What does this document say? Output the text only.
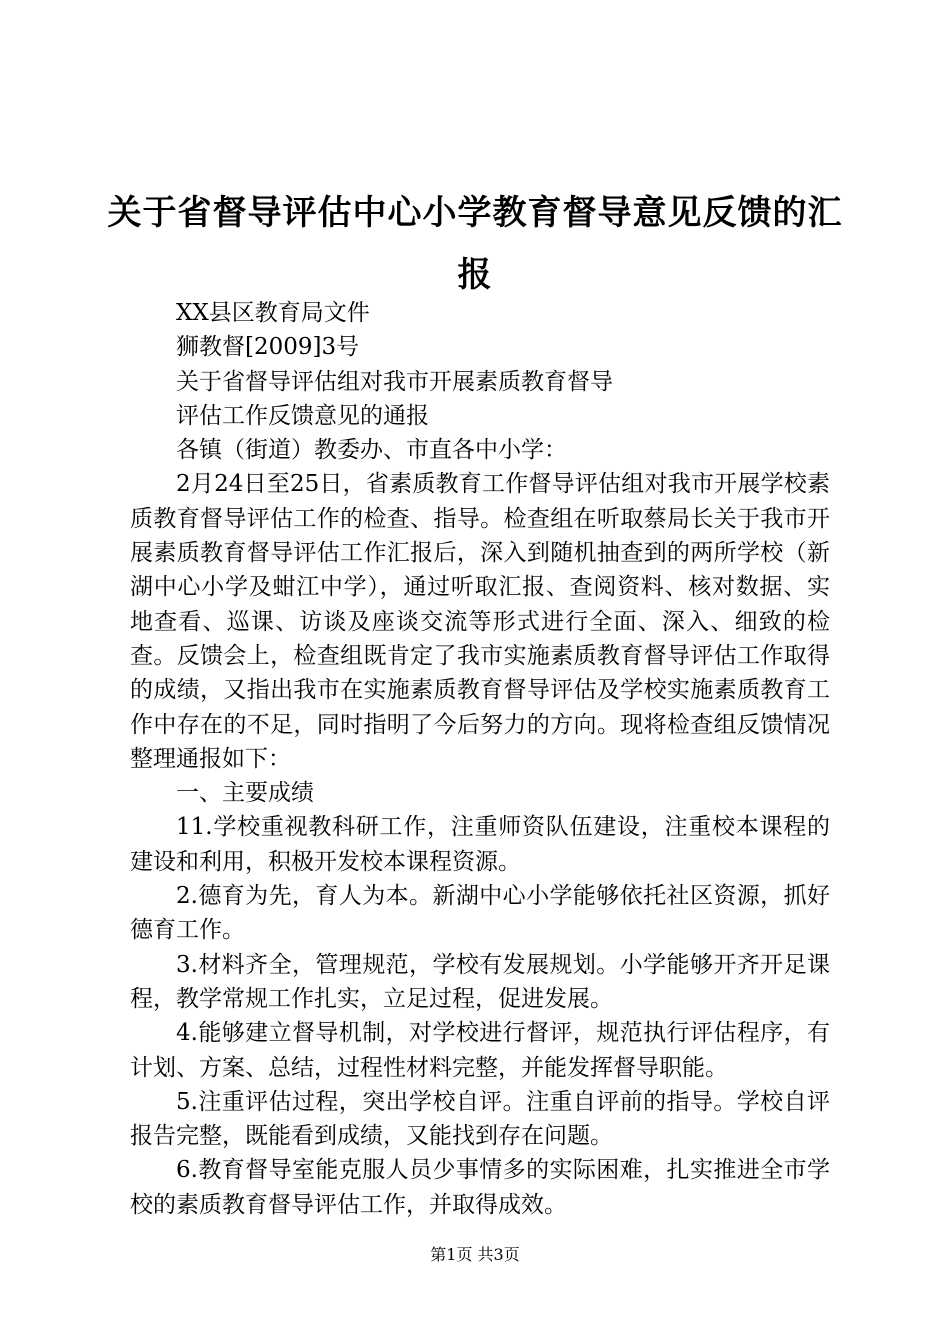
关于省督导评估中心小学教育督导意见反馈的汇报

XX县区教育局文件

狮教督[2009]3号

关于省督导评估组对我市开展素质教育督导

评估工作反馈意见的通报

各镇（街道）教委办、市直各中小学：

2月24日至25日，省素质教育工作督导评估组对我市开展学校素质教育督导评估工作的检查、指导。检查组在听取蔡局长关于我市开展素质教育督导评估工作汇报后，深入到随机抽查到的两所学校（新湖中心小学及蚶江中学），通过听取汇报、查阅资料、核对数据、实地查看、巡课、访谈及座谈交流等形式进行全面、深入、细致的检查。反馈会上，检查组既肯定了我市实施素质教育督导评估工作取得的成绩，又指出我市在实施素质教育督导评估及学校实施素质教育工作中存在的不足，同时指明了今后努力的方向。现将检查组反馈情况整理通报如下：

一、主要成绩

11.学校重视教科研工作，注重师资队伍建设，注重校本课程的建设和利用，积极开发校本课程资源。

2.德育为先，育人为本。新湖中心小学能够依托社区资源，抓好德育工作。

3.材料齐全，管理规范，学校有发展规划。小学能够开齐开足课程，教学常规工作扎实，立足过程，促进发展。

4.能够建立督导机制，对学校进行督评，规范执行评估程序，有计划、方案、总结，过程性材料完整，并能发挥督导职能。

5.注重评估过程，突出学校自评。注重自评前的指导。学校自评报告完整，既能看到成绩，又能找到存在问题。

6.教育督导室能克服人员少事情多的实际困难，扎实推进全市学校的素质教育督导评估工作，并取得成效。

第1页 共3页
